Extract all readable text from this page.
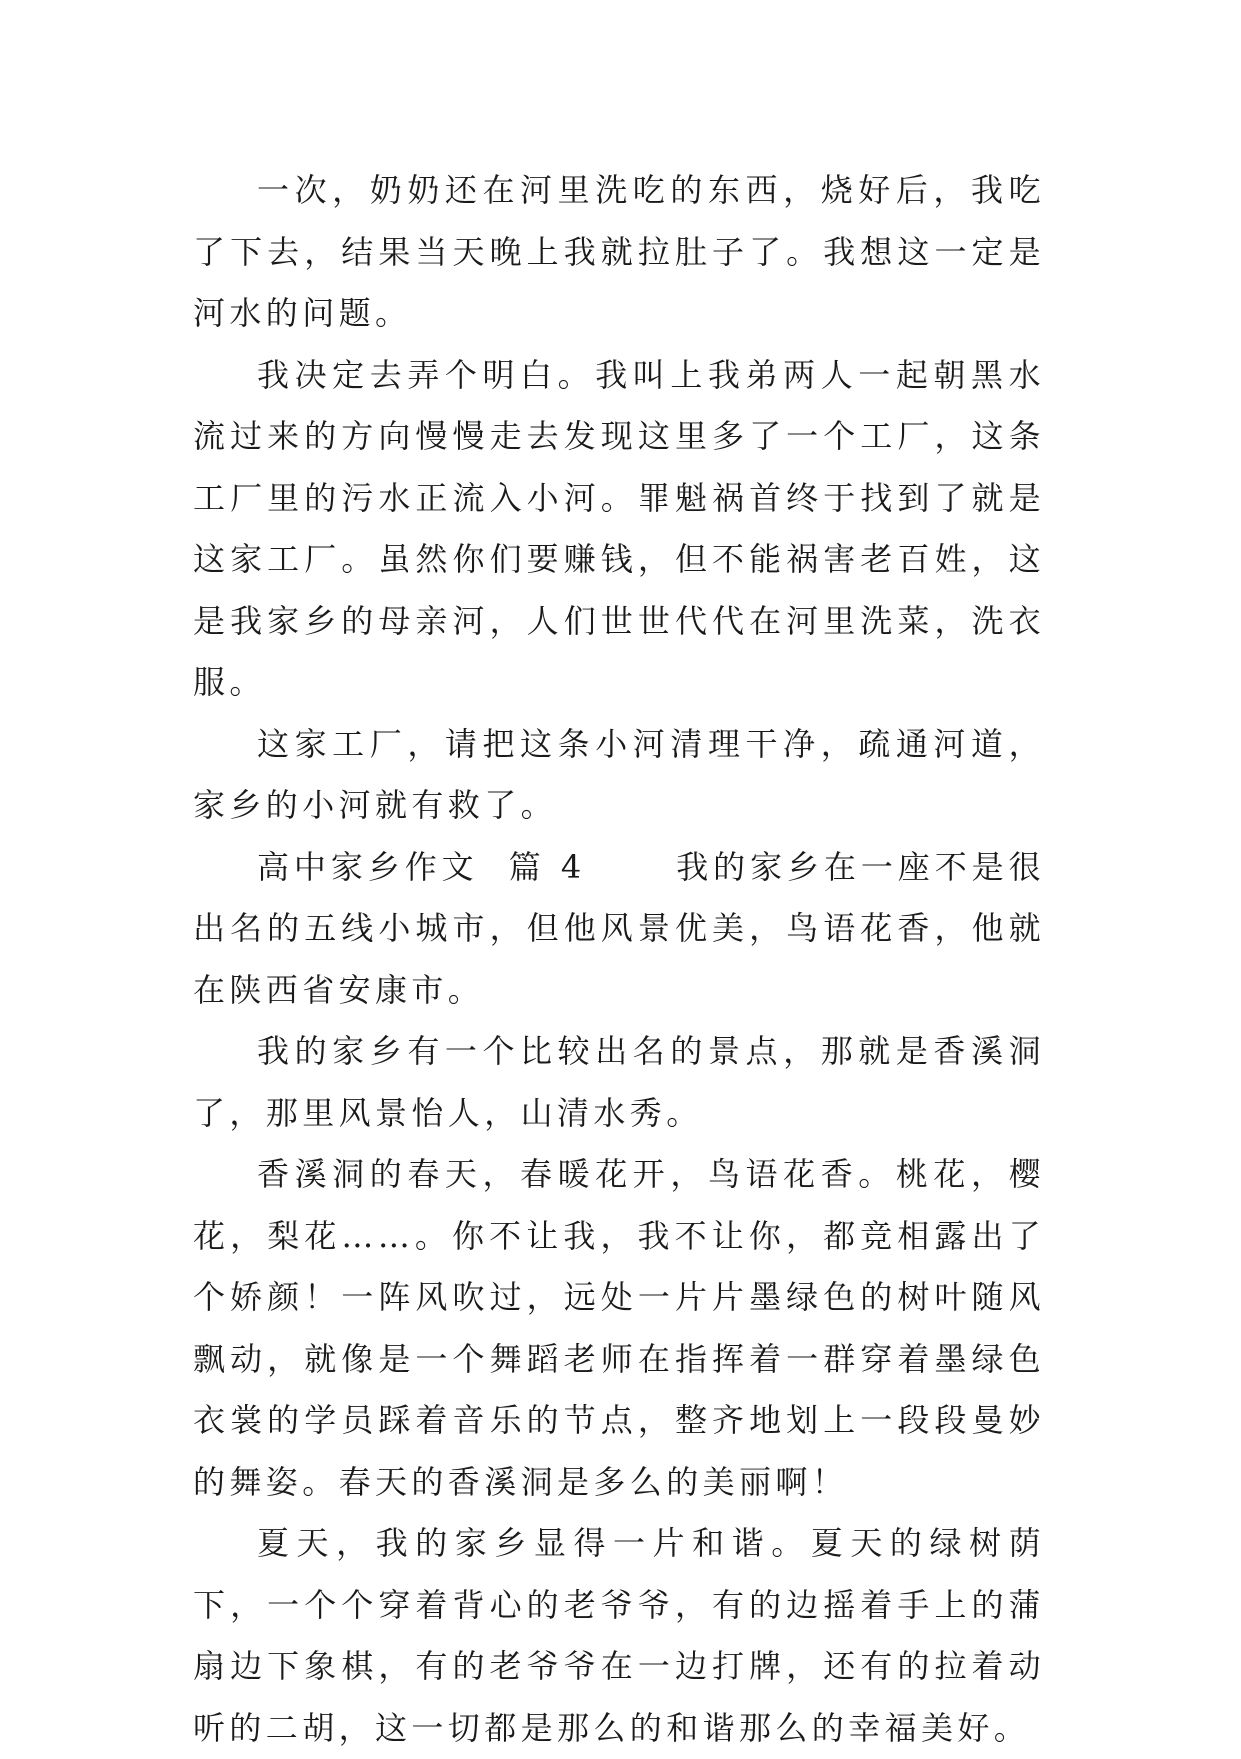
一次，奶奶还在河里洗吃的东西，烧好后，我吃了下去，结果当天晚上我就拉肚子了。我想这一定是河水的问题。

我决定去弄个明白。我叫上我弟两人一起朝黑水流过来的方向慢慢走去发现这里多了一个工厂，这条工厂里的污水正流入小河。罪魁祸首终于找到了就是这家工厂。虽然你们要赚钱，但不能祸害老百姓，这是我家乡的母亲河，人们世世代代在河里洗菜，洗衣服。

这家工厂，请把这条小河清理干净，疏通河道，家乡的小河就有救了。

高中家乡作文  篇 4      我的家乡在一座不是很出名的五线小城市，但他风景优美，鸟语花香，他就在陕西省安康市。

我的家乡有一个比较出名的景点，那就是香溪洞了，那里风景怡人，山清水秀。

香溪洞的春天，春暖花开，鸟语花香。桃花，樱花，梨花……。你不让我，我不让你，都竞相露出了个娇颜！一阵风吹过，远处一片片墨绿色的树叶随风飘动，就像是一个舞蹈老师在指挥着一群穿着墨绿色衣裳的学员踩着音乐的节点，整齐地划上一段段曼妙的舞姿。春天的香溪洞是多么的美丽啊！

夏天，我的家乡显得一片和谐。夏天的绿树荫下，一个个穿着背心的老爷爷，有的边摇着手上的蒲扇边下象棋，有的老爷爷在一边打牌，还有的拉着动听的二胡，这一切都是那么的和谐那么的幸福美好。
